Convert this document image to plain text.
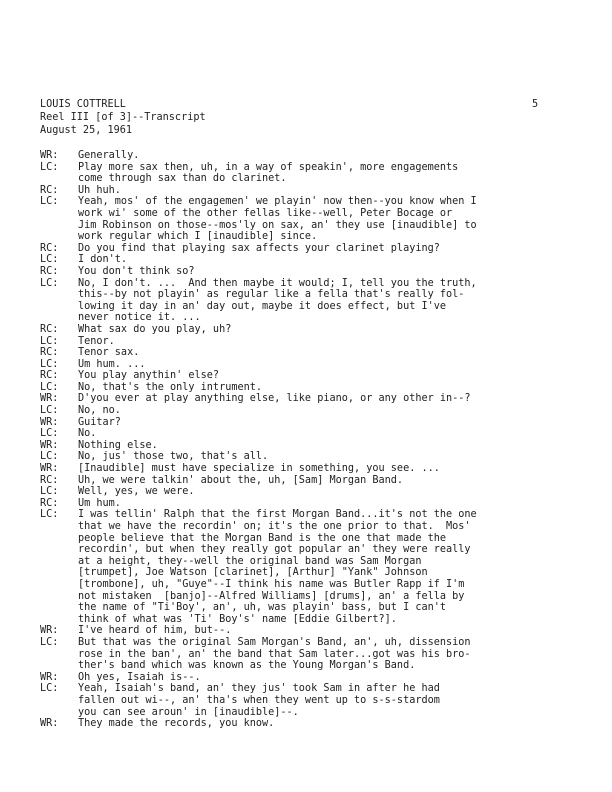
LOUIS COTTRELL
Reel III [of 3]--Transcript
August 25, 1961
5
WR:	Generally.
LC:	Play more sax then, uh, in a way of speakin', more engagements
come through sax than do clarinet.
RC:	Uh huh.
LC:	Yeah, mos' of the engagemen' we playin' now then--you know when I
work wi' some of the other fellas like--well, Peter Bocage or
Jim Robinson on those--mos'ly on sax, an' they use [inaudible] to
work regular which I [inaudible] since.
RC:	Do you find that playing sax affects your clarinet playing?
LC:	I don't.
RC:	You don't think so?
LC:	No, I don't. ...  And then maybe it would; I, tell you the truth,
this--by not playin' as regular like a fella that's really fol-
lowing it day in an' day out, maybe it does effect, but I've
never notice it. ...
RC:	What sax do you play, uh?
LC:	Tenor.
RC:	Tenor sax.
LC:	Um hum. ...
RC:	You play anythin' else?
LC:	No, that's the only intrument.
WR:	D'you ever at play anything else, like piano, or any other in--?
LC:	No, no.
WR:	Guitar?
LC:	No.
WR:	Nothing else.
LC:	No, jus' those two, that's all.
WR:	[Inaudible] must have specialize in something, you see. ...
RC:	Uh, we were talkin' about the, uh, [Sam] Morgan Band.
LC:	Well, yes, we were.
RC:	Um hum.
LC:	I was tellin' Ralph that the first Morgan Band...it's not the one
that we have the recordin' on; it's the one prior to that.  Mos'
people believe that the Morgan Band is the one that made the
recordin', but when they really got popular an' they were really
at a height, they--well the original band was Sam Morgan
[trumpet], Joe Watson [clarinet], [Arthur] "Yank" Johnson
[trombone], uh, "Guye"--I think his name was Butler Rapp if I'm
not mistaken  [banjo]--Alfred Williams] [drums], an' a fella by
the name of "Ti'Boy', an', uh, was playin' bass, but I can't
think of what was 'Ti' Boy's' name [Eddie Gilbert?].
WR:	I've heard of him, but--.
LC:	But that was the original Sam Morgan's Band, an', uh, dissension
rose in the ban', an' the band that Sam later...got was his bro-
ther's band which was known as the Young Morgan's Band.
WR:	Oh yes, Isaiah is--.
LC:	Yeah, Isaiah's band, an' they jus' took Sam in after he had
fallen out wi--, an' tha's when they went up to s-s-stardom
you can see aroun' in [inaudible]--.
WR:	They made the records, you know.
